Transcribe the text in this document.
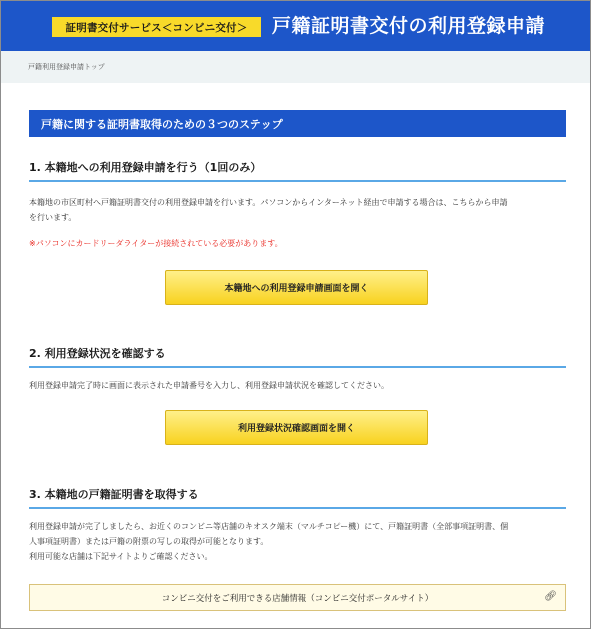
証明書交付サービス＜コンビニ交付＞	戸籍証明書交付の利用登録申請
戸籍利用登録申請トップ
戸籍に関する証明書取得のための３つのステップ
1. 本籍地への利用登録申請を行う（1回のみ）
本籍地の市区町村へ戸籍証明書交付の利用登録申請を行います。パソコンからインターネット経由で申請する場合は、こちらから申請
を行います。
※パソコンにカードリーダライターが接続されている必要があります。
本籍地への利用登録申請画面を開く
2. 利用登録状況を確認する
利用登録申請完了時に画面に表示された申請番号を入力し、利用登録申請状況を確認してください。
利用登録状況確認画面を開く
3. 本籍地の戸籍証明書を取得する
利用登録申請が完了しましたら、お近くのコンビニ等店舗のキオスク端末（マルチコピー機）にて、戸籍証明書（全部事項証明書、個
人事項証明書）または戸籍の附票の写しの取得が可能となります。
利用可能な店舗は下記サイトよりご確認ください。
コンビニ交付をご利用できる店舗情報（コンビニ交付ポータルサイト）	🔗︎
